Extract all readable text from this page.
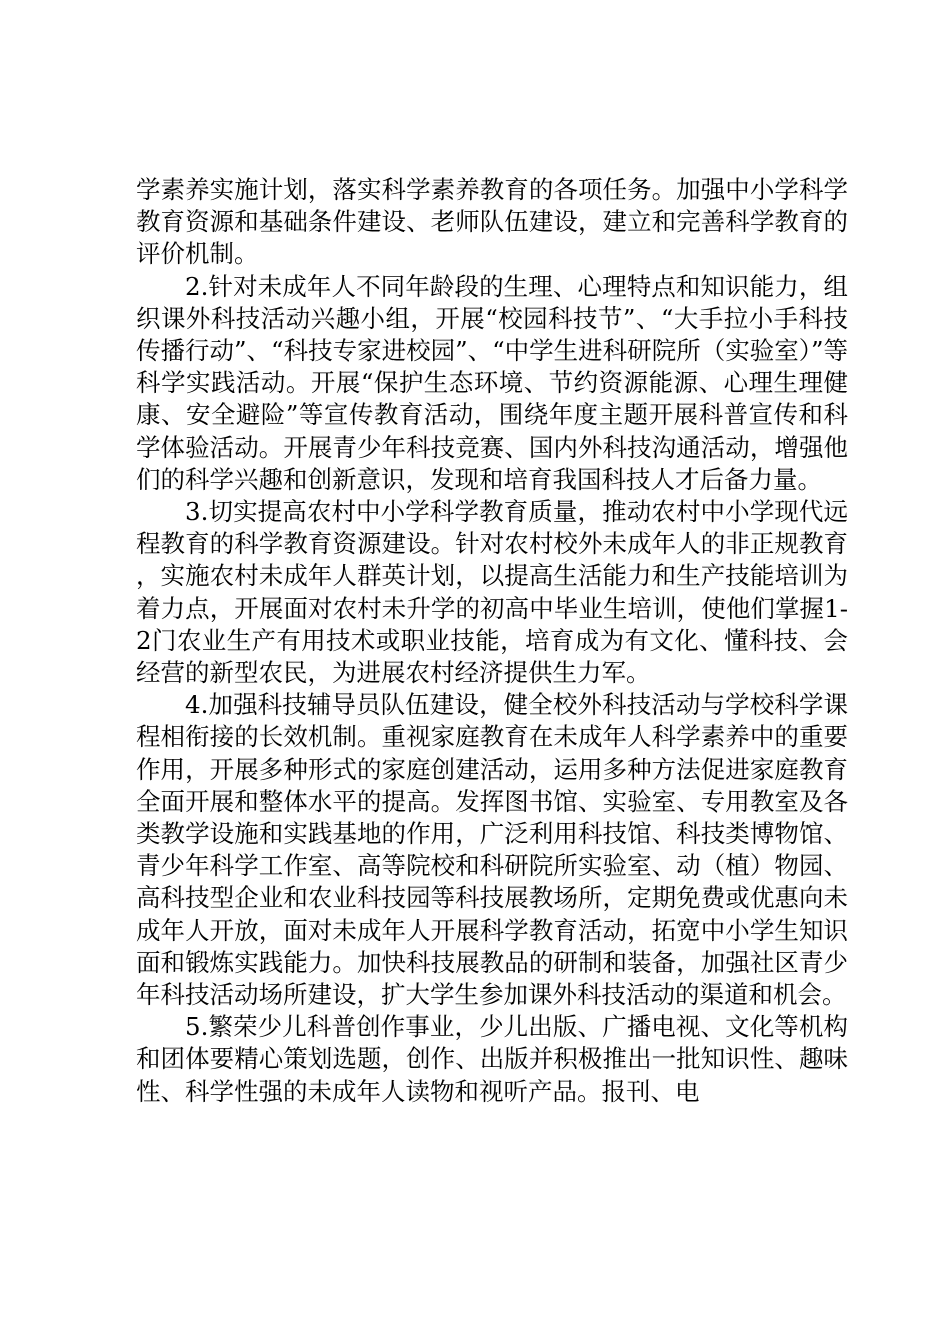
学素养实施计划，落实科学素养教育的各项任务。加强中小学科学教育资源和基础条件建设、老师队伍建设，建立和完善科学教育的评价机制。

2.针对未成年人不同年龄段的生理、心理特点和知识能力，组织课外科技活动兴趣小组，开展“校园科技节”、“大手拉小手科技传播行动”、“科技专家进校园”、“中学生进科研院所（实验室）”等科学实践活动。开展“保护生态环境、节约资源能源、心理生理健康、安全避险”等宣传教育活动，围绕年度主题开展科普宣传和科学体验活动。开展青少年科技竞赛、国内外科技沟通活动，增强他们的科学兴趣和创新意识，发现和培育我国科技人才后备力量。

3.切实提高农村中小学科学教育质量，推动农村中小学现代远程教育的科学教育资源建设。针对农村校外未成年人的非正规教育，实施农村未成年人群英计划，以提高生活能力和生产技能培训为着力点，开展面对农村未升学的初高中毕业生培训，使他们掌握1-2门农业生产有用技术或职业技能，培育成为有文化、懂科技、会经营的新型农民，为进展农村经济提供生力军。

4.加强科技辅导员队伍建设，健全校外科技活动与学校科学课程相衔接的长效机制。重视家庭教育在未成年人科学素养中的重要作用，开展多种形式的家庭创建活动，运用多种方法促进家庭教育全面开展和整体水平的提高。发挥图书馆、实验室、专用教室及各类教学设施和实践基地的作用，广泛利用科技馆、科技类博物馆、青少年科学工作室、高等院校和科研院所实验室、动（植）物园、高科技型企业和农业科技园等科技展教场所，定期免费或优惠向未成年人开放，面对未成年人开展科学教育活动，拓宽中小学生知识面和锻炼实践能力。加快科技展教品的研制和装备，加强社区青少年科技活动场所建设，扩大学生参加课外科技活动的渠道和机会。

5.繁荣少儿科普创作事业，少儿出版、广播电视、文化等机构和团体要精心策划选题，创作、出版并积极推出一批知识性、趣味性、科学性强的未成年人读物和视听产品。报刊、电
